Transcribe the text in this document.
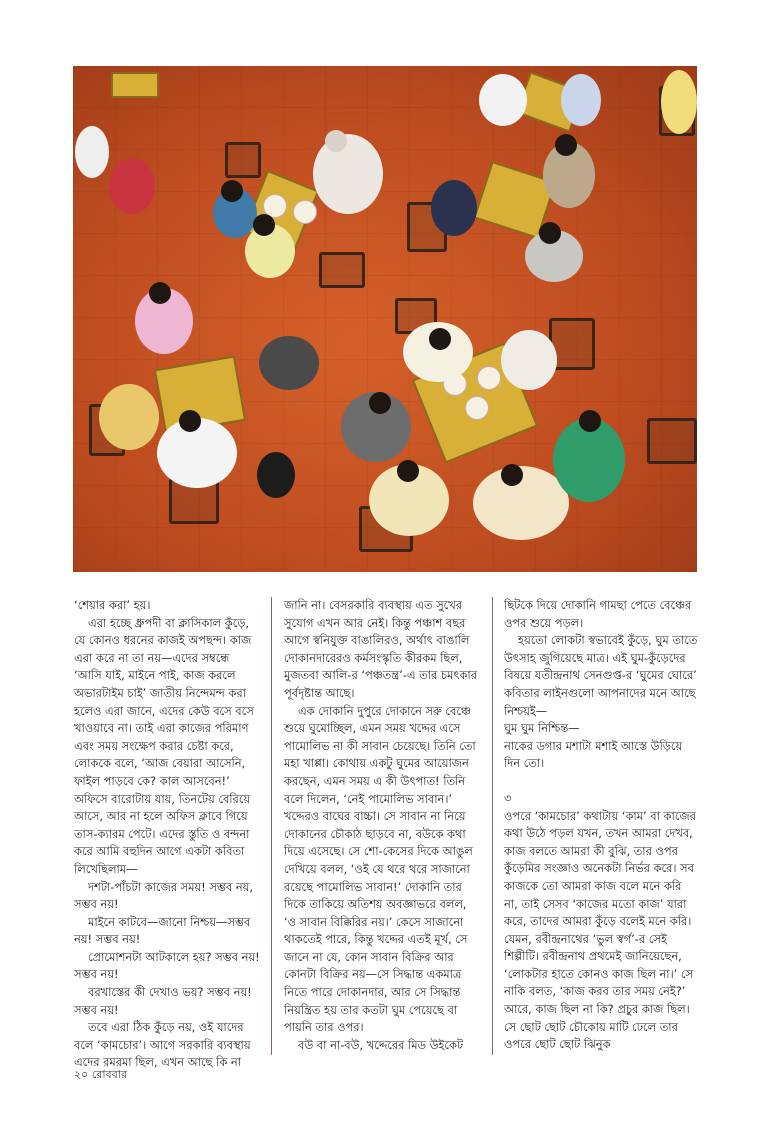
‘শেয়ার করা’ হয়।

এরা হচ্ছে ধ্রুপদী বা ক্লাসিকাল কুঁড়ে, যে কোনও ধরনের কাজই অপছন্দ। কাজ এরা করে না তা নয়—এদের সম্বন্ধে ‘আসি যাই, মাইনে পাই, কাজ করলে অভারটাইম চাই’ জাতীয় নিন্দেমন্দ করা হলেও এরা জানে, এদের কেউ বসে বসে খাওয়াবে না। তাই এরা কাজের পরিমাণ এবং সময় সংক্ষেপ করার চেষ্টা করে, লোককে বলে, ‘আজ বেয়ারা আসেনি, ফাইল পাড়বে কে? কাল আসবেন!’ অফিসে বারোটায় যায়, তিনটেয় বেরিয়ে আসে, আর না হলে অফিস ক্লাবে গিয়ে তাস-ক্যারম পেটে। এদের স্তুতি ও বন্দনা করে আমি বহুদিন আগে একটা কবিতা লিখেছিলাম—

দশটা-পাঁচটা কাজের সময়! সম্ভব নয়, সম্ভব নয়!

মাইনে কাটবে—জানো নিশ্চয়—সম্ভব নয়! সম্ভব নয়!

প্রোমোশনটা আটকালে হয়? সম্ভব নয়! সম্ভব নয়!

বরখাস্তের কী দেখাও ভয়? সম্ভব নয়! সম্ভব নয়!

তবে এরা ঠিক কুঁড়ে নয়, ওই যাদের বলে ‘কামচোর’। আগে সরকারি ব্যবস্থায় এদের রমরমা ছিল, এখন আছে কি না

জানি না। বেসরকারি ব্যবস্থায় এত সুখের সুযোগ এখন আর নেই। কিন্তু পঞ্চাশ বছর আগে স্বনিযুক্ত বাঙালিরও, অর্থাৎ বাঙালি দোকানদারেরও কর্মসংস্কৃতি কীরকম ছিল, মুজতবা আলি-র ‘পঞ্চতন্ত্র’-এ তার চমৎকার পূর্বদৃষ্টান্ত আছে।

এক দোকানি দুপুরে দোকানে সরু বেঞ্চে শুয়ে ঘুমোচ্ছিল, এমন সময় খদ্দের এসে পামোলিভ না কী সাবান চেয়েছে। তিনি তো মহা খাপ্পা। কোথায় একটু ঘুমের আয়োজন করছেন, এমন সময় এ কী উৎপাত! তিনি বলে দিলেন, ‘নেই পামোলিভ সাবান।’ খদ্দেরও বাঘের বাচ্চা। সে সাবান না নিয়ে দোকানের চৌকাঠ ছাড়বে না, বউকে কথা দিয়ে এসেছে। সে শো-কেসের দিকে আঙুল দেখিয়ে বলল, ‘ওই যে থরে থরে সাজানো রয়েছে পামোলিভ সাবান!’ দোকানি তার দিকে তাকিয়ে অতিশয় অবজ্ঞাভরে বলল, ‘ও সাবান বিক্কিরির নয়।’ কেসে সাজানো থাকতেই পারে, কিন্তু খদ্দের এতই মূর্খ, সে জানে না যে, কোন সাবান বিক্রির আর কোনটা বিক্রির নয়—সে সিদ্ধান্ত একমাত্র নিতে পারে দোকানদার, আর সে সিদ্ধান্ত নিয়ন্ত্রিত হয় তার কতটা ঘুম পেয়েছে বা পায়নি তার ওপর।

বউ বা না-বউ, খদ্দেরের মিড উইকেট

ছিটকে দিয়ে দোকানি গামছা পেতে বেঞ্চের ওপর শুয়ে পড়ল।

হয়তো লোকটা স্বভাবেই কুঁড়ে, ঘুম তাতে উৎসাহ জুগিয়েছে মাত্র। এই ঘুম-কুঁড়েদের বিষয়ে যতীন্দ্রনাথ সেনগুপ্ত-র ‘ঘুমের ঘোরে’ কবিতার লাইনগুলো আপনাদের মনে আছে নিশ্চয়ই—

ঘুম ঘুম নিশ্চিন্ত—

নাকের ডগার মশাটা মশাই আস্তে উড়িয়ে দিন তো।

৩

ওপরে ‘কামচোর’ কথাটায় ‘কাম’ বা কাজের কথা উঠে পড়ল যখন, তখন আমরা দেখব, কাজ বলতে আমরা কী বুঝি, তার ওপর কুঁড়েমির সংজ্ঞাও অনেকটা নির্ভর করে। সব কাজকে তো আমরা কাজ বলে মনে করি না, তাই সেসব ‘কাজের মতো কাজ’ যারা করে, তাদের আমরা কুঁড়ে বলেই মনে করি। যেমন, রবীন্দ্রনাথের ‘ভুল স্বর্গ’-র সেই শিল্পীটি। রবীন্দ্রনাথ প্রথমেই জানিয়েছেন, ‘লোকটার হাতে কোনও কাজ ছিল না।’ সে নাকি বলত, ‘কাজ করব তার সময় নেই?’ আরে, কাজ ছিল না কি? প্রচুর কাজ ছিল। সে ছোট ছোট চৌকোয় মাটি ঢেলে তার ওপরে ছোট ছোট ঝিনুক

২০ রোববার
